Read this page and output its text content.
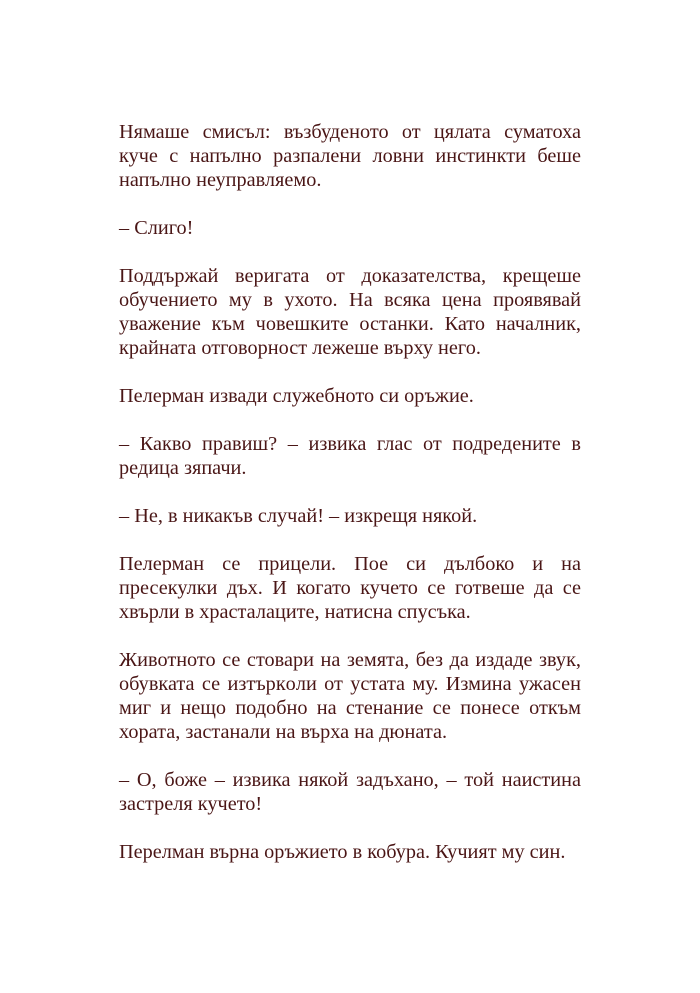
Нямаше смисъл: възбуденото от цялата суматоха куче с напълно разпалени ловни инстинкти беше напълно неуправляемо.

– Слиго!

Поддържай веригата от доказателства, крещеше обучението му в ухото. На всяка цена проявявай уважение към човешките останки. Като началник, крайната отговорност лежеше върху него.

Пелерман извади служебното си оръжие.

– Какво правиш? – извика глас от подредените в редица зяпачи.

– Не, в никакъв случай! – изкрещя някой.

Пелерман се прицели. Пое си дълбоко и на пресекулки дъх. И когато кучето се готвеше да се хвърли в храсталаците, натисна спусъка.

Животното се стовари на земята, без да издаде звук, обувката се изтъркoли от устата му. Измина ужасен миг и нещо подобно на стенание се понесе откъм хората, застанали на върха на дюната.

– О, боже – извика някой задъхано, – той наистина застреля кучето!

Перелман върна оръжието в кобура. Кучият му син.
